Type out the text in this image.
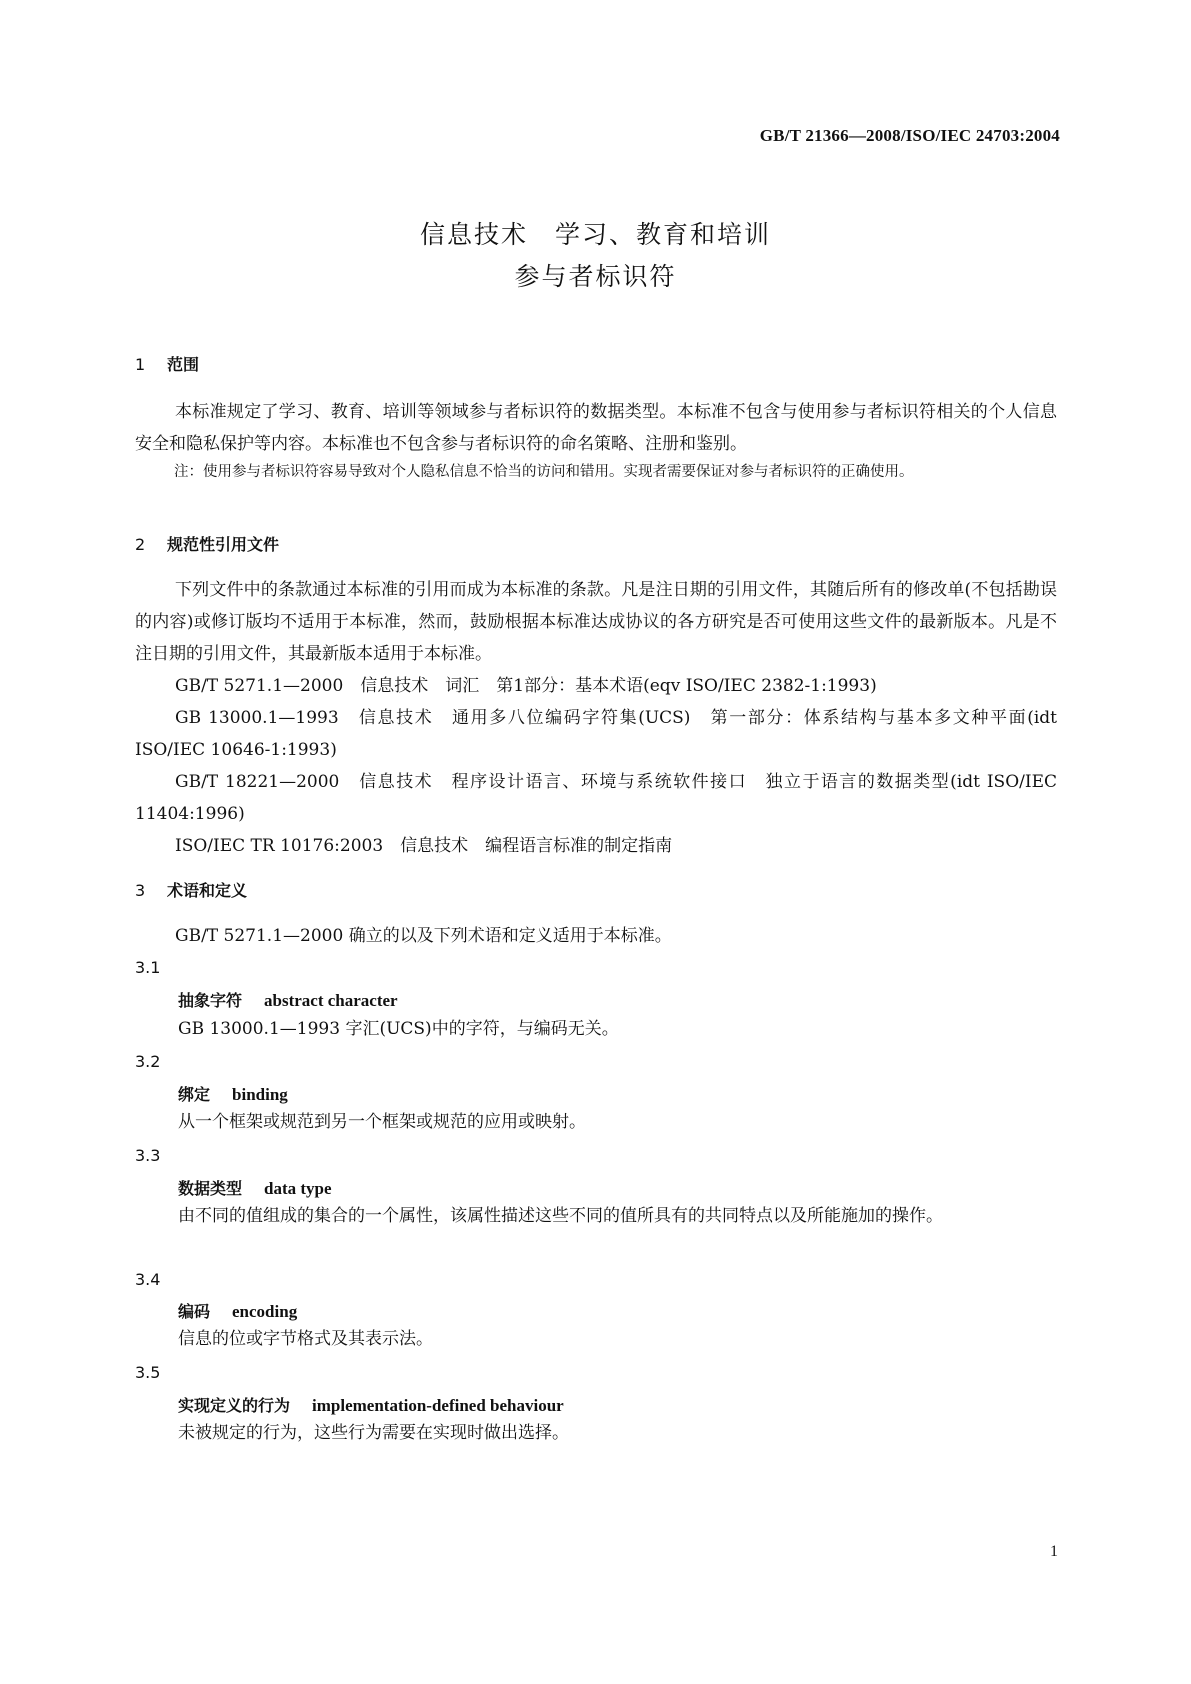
GB/T 21366—2008/ISO/IEC 24703:2004
信息技术　学习、教育和培训
参与者标识符
1 范围
本标准规定了学习、教育、培训等领域参与者标识符的数据类型。本标准不包含与使用参与者标识符相关的个人信息安全和隐私保护等内容。本标准也不包含参与者标识符的命名策略、注册和鉴别。
注：使用参与者标识符容易导致对个人隐私信息不恰当的访问和错用。实现者需要保证对参与者标识符的正确使用。
2 规范性引用文件
下列文件中的条款通过本标准的引用而成为本标准的条款。凡是注日期的引用文件，其随后所有的修改单(不包括勘误的内容)或修订版均不适用于本标准，然而，鼓励根据本标准达成协议的各方研究是否可使用这些文件的最新版本。凡是不注日期的引用文件，其最新版本适用于本标准。
GB/T 5271.1—2000　信息技术　词汇　第1部分：基本术语(eqv ISO/IEC 2382-1:1993)
GB 13000.1—1993　信息技术　通用多八位编码字符集(UCS)　第一部分：体系结构与基本多文种平面(idt ISO/IEC 10646-1:1993)
GB/T 18221—2000　信息技术　程序设计语言、环境与系统软件接口　独立于语言的数据类型(idt ISO/IEC 11404:1996)
ISO/IEC TR 10176:2003　信息技术　编程语言标准的制定指南
3 术语和定义
GB/T 5271.1—2000 确立的以及下列术语和定义适用于本标准。
3.1
抽象字符 abstract character
GB 13000.1—1993 字汇(UCS)中的字符，与编码无关。
3.2
绑定 binding
从一个框架或规范到另一个框架或规范的应用或映射。
3.3
数据类型 data type
由不同的值组成的集合的一个属性，该属性描述这些不同的值所具有的共同特点以及所能施加的操作。
3.4
编码 encoding
信息的位或字节格式及其表示法。
3.5
实现定义的行为 implementation-defined behaviour
未被规定的行为，这些行为需要在实现时做出选择。
1
